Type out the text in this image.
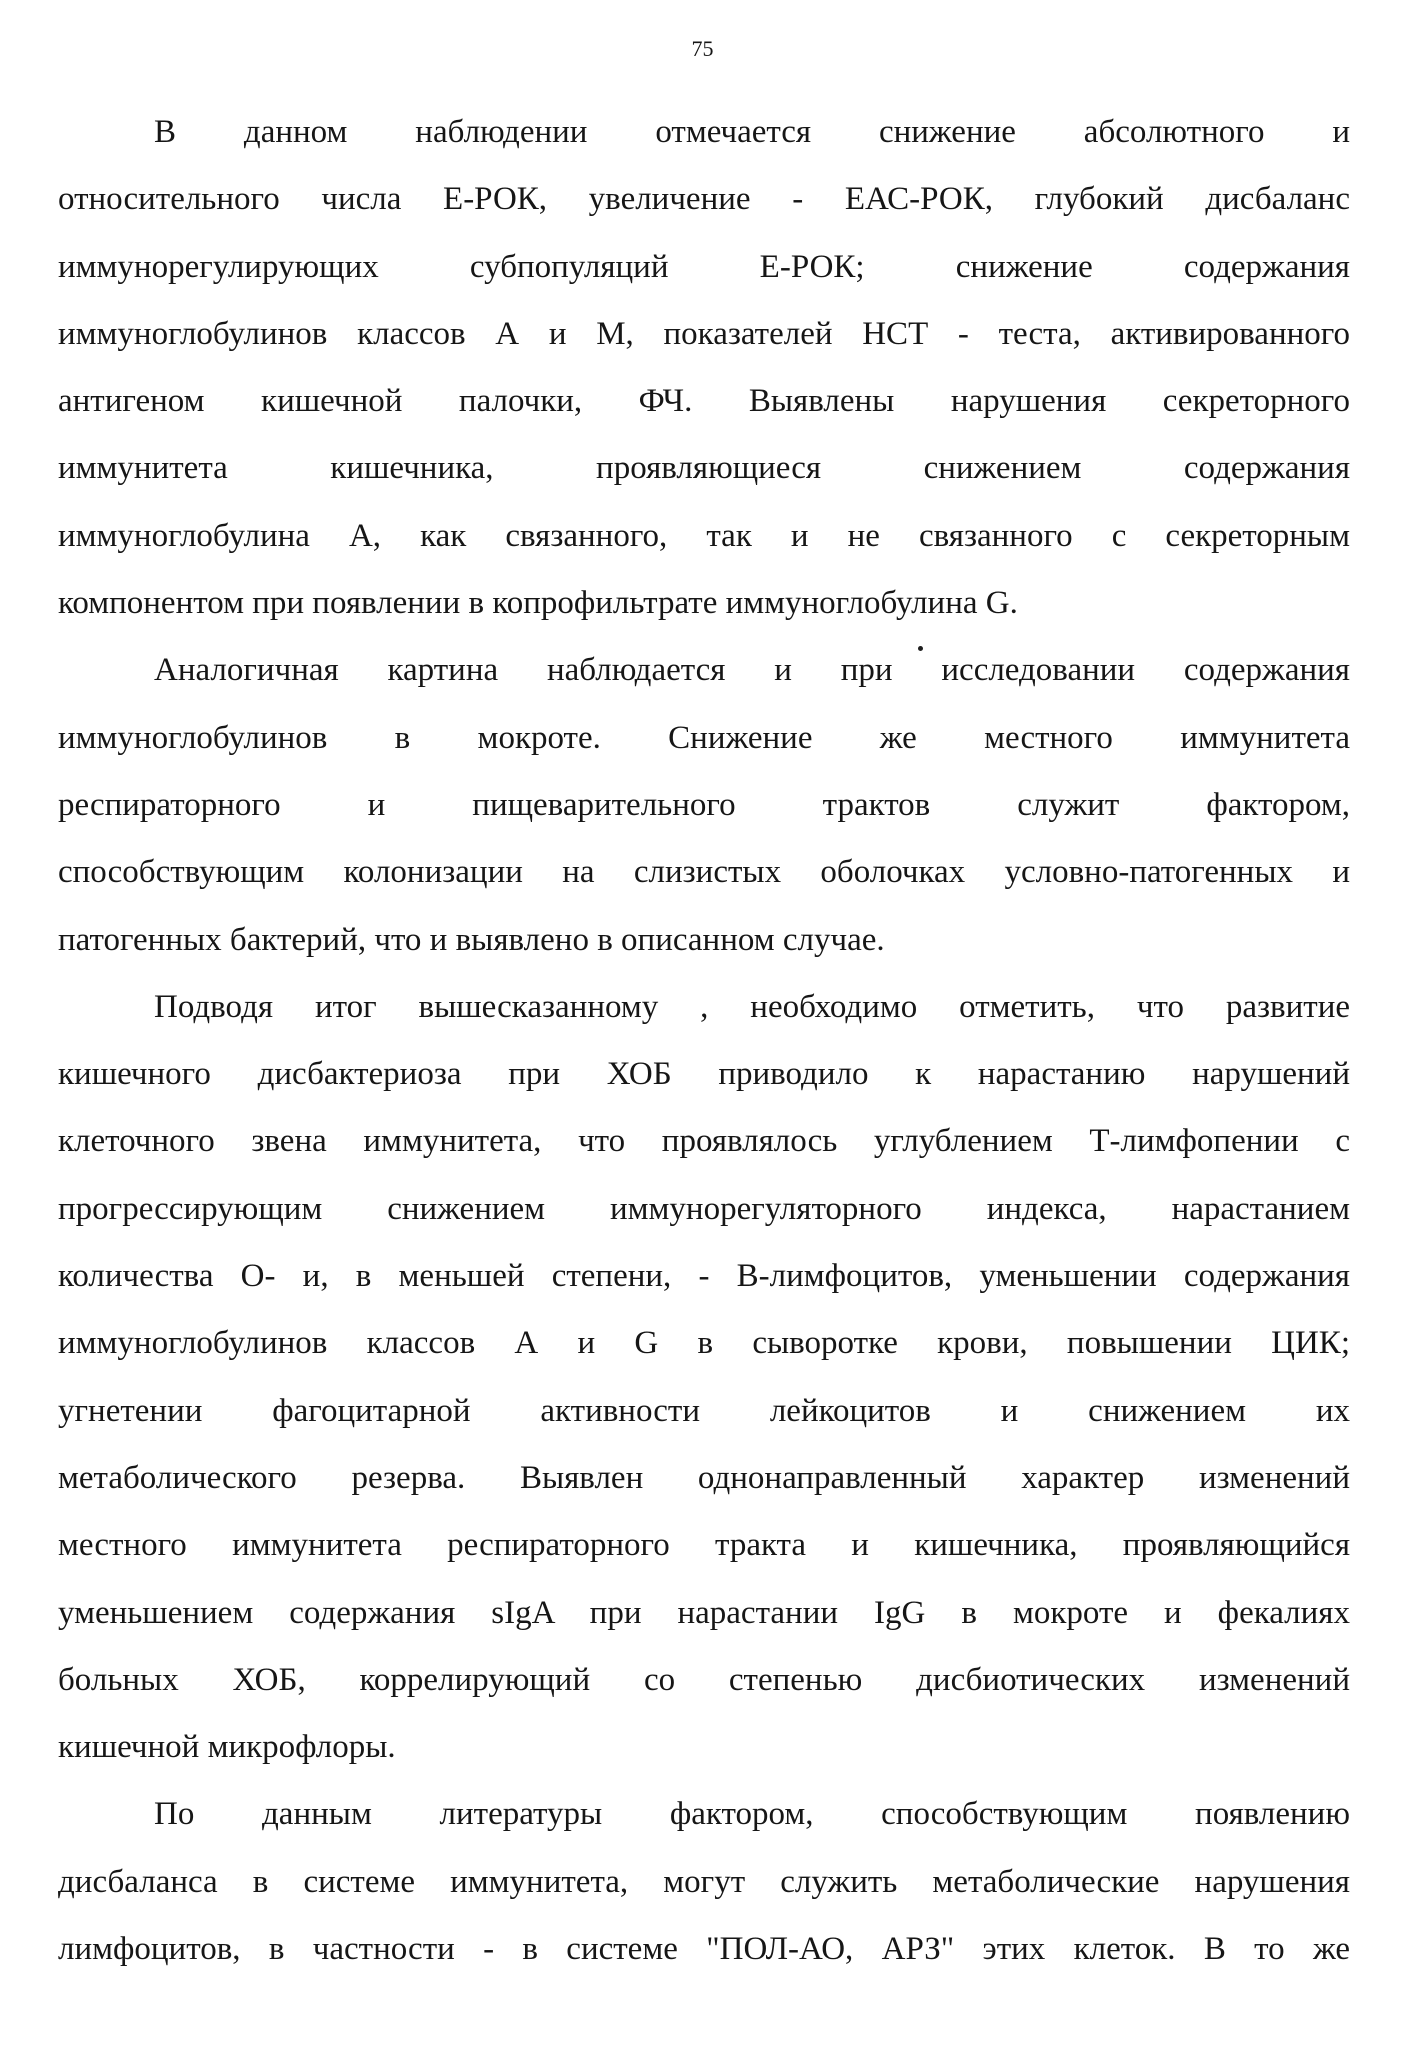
75
В данном наблюдении отмечается снижение абсолютного и
относительного числа Е-РОК, увеличение - ЕАС-РОК, глубокий дисбаланс
иммунорегулирующих субпопуляций Е-РОК; снижение содержания
иммуноглобулинов классов А и М, показателей НСТ - теста, активированного
антигеном кишечной палочки, ФЧ. Выявлены нарушения секреторного
иммунитета кишечника, проявляющиеся снижением содержания
иммуноглобулина А, как связанного, так и не связанного с секреторным
компонентом при появлении в копрофильтрате иммуноглобулина G.
Аналогичная картина наблюдается и при исследовании содержания
иммуноглобулинов в мокроте. Снижение же местного иммунитета
респираторного и пищеварительного трактов служит фактором,
способствующим колонизации на слизистых оболочках условно-патогенных и
патогенных бактерий, что и выявлено в описанном случае.
Подводя итог вышесказанному , необходимо отметить, что развитие
кишечного дисбактериоза при ХОБ приводило к нарастанию нарушений
клеточного звена иммунитета, что проявлялось углублением Т-лимфопении с
прогрессирующим снижением иммунорегуляторного индекса, нарастанием
количества О- и, в меньшей степени, - В-лимфоцитов, уменьшении содержания
иммуноглобулинов классов А и G в сыворотке крови, повышении ЦИК;
угнетении фагоцитарной активности лейкоцитов и снижением их
метаболического резерва. Выявлен однонаправленный характер изменений
местного иммунитета респираторного тракта и кишечника, проявляющийся
уменьшением содержания sIgA при нарастании IgG в мокроте и фекалиях
больных ХОБ, коррелирующий со степенью дисбиотических изменений
кишечной микрофлоры.
По данным литературы фактором, способствующим появлению
дисбаланса в системе иммунитета, могут служить метаболические нарушения
лимфоцитов, в частности - в системе "ПОЛ-АО, АРЗ" этих клеток. В то же
